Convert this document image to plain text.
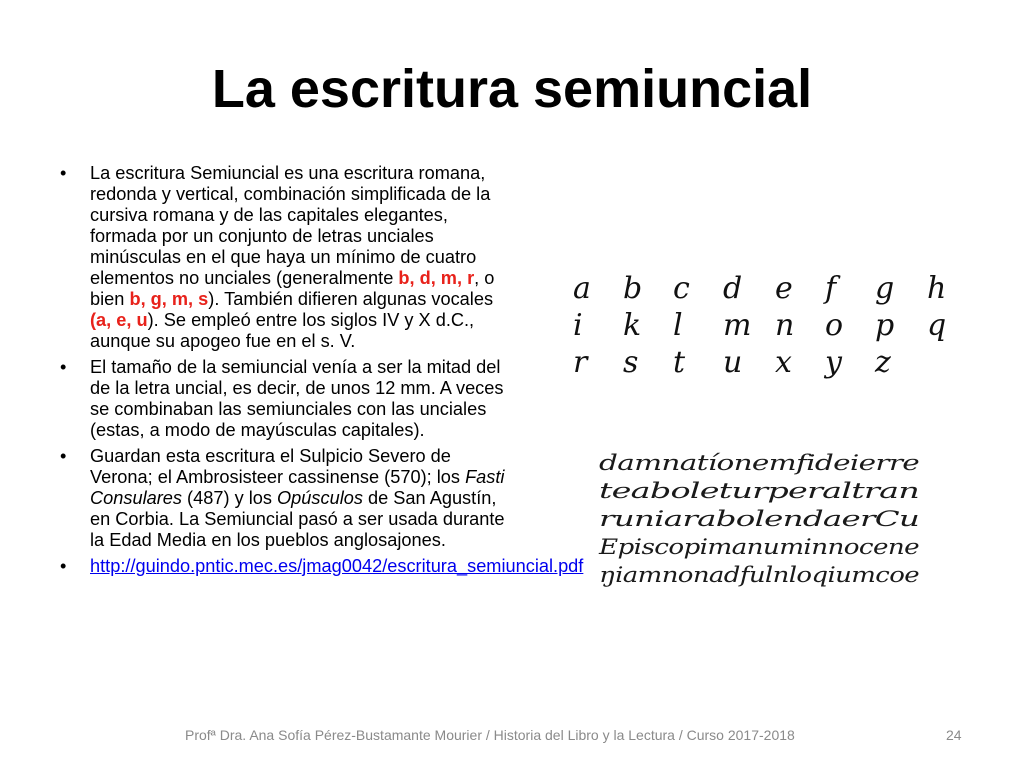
La escritura semiuncial
•	La escritura Semiuncial es una escritura romana, redonda y vertical, combinación simplificada de la cursiva romana y de las capitales elegantes, formada por un conjunto de letras unciales minúsculas en el que haya un mínimo de cuatro elementos no unciales (generalmente b, d, m, r, o bien b, g, m, s). También difieren algunas vocales (a, e, u). Se empleó entre los siglos IV y X d.C., aunque su apogeo fue en el s. V.
•	El tamaño de la semiuncial venía a ser la mitad del de la letra uncial, es decir, de unos 12 mm. A veces se combinaban las semiunciales con las unciales (estas, a modo de mayúsculas capitales).
•	Guardan esta escritura el Sulpicio Severo de Verona; el Ambrosisteer cassinense (570); los Fasti Consulares (487) y los Opúsculos de San Agustín, en Corbia. La Semiuncial pasó a ser usada durante la Edad Media en los pueblos anglosajones.
•	http://guindo.pntic.mec.es/jmag0042/escritura_semiuncial.pdf
a b c d e f g h
i k l m n o p q
r s t u x y z
damnatíonemfideierre
teaboleturperaltran
runiarabolendaerCu
Episcopimanuminnocene
ŋiamnonadfulnloqiumcoe
Profª Dra. Ana Sofía Pérez-Bustamante Mourier / Historia del Libro y la Lectura / Curso 2017-2018	24
